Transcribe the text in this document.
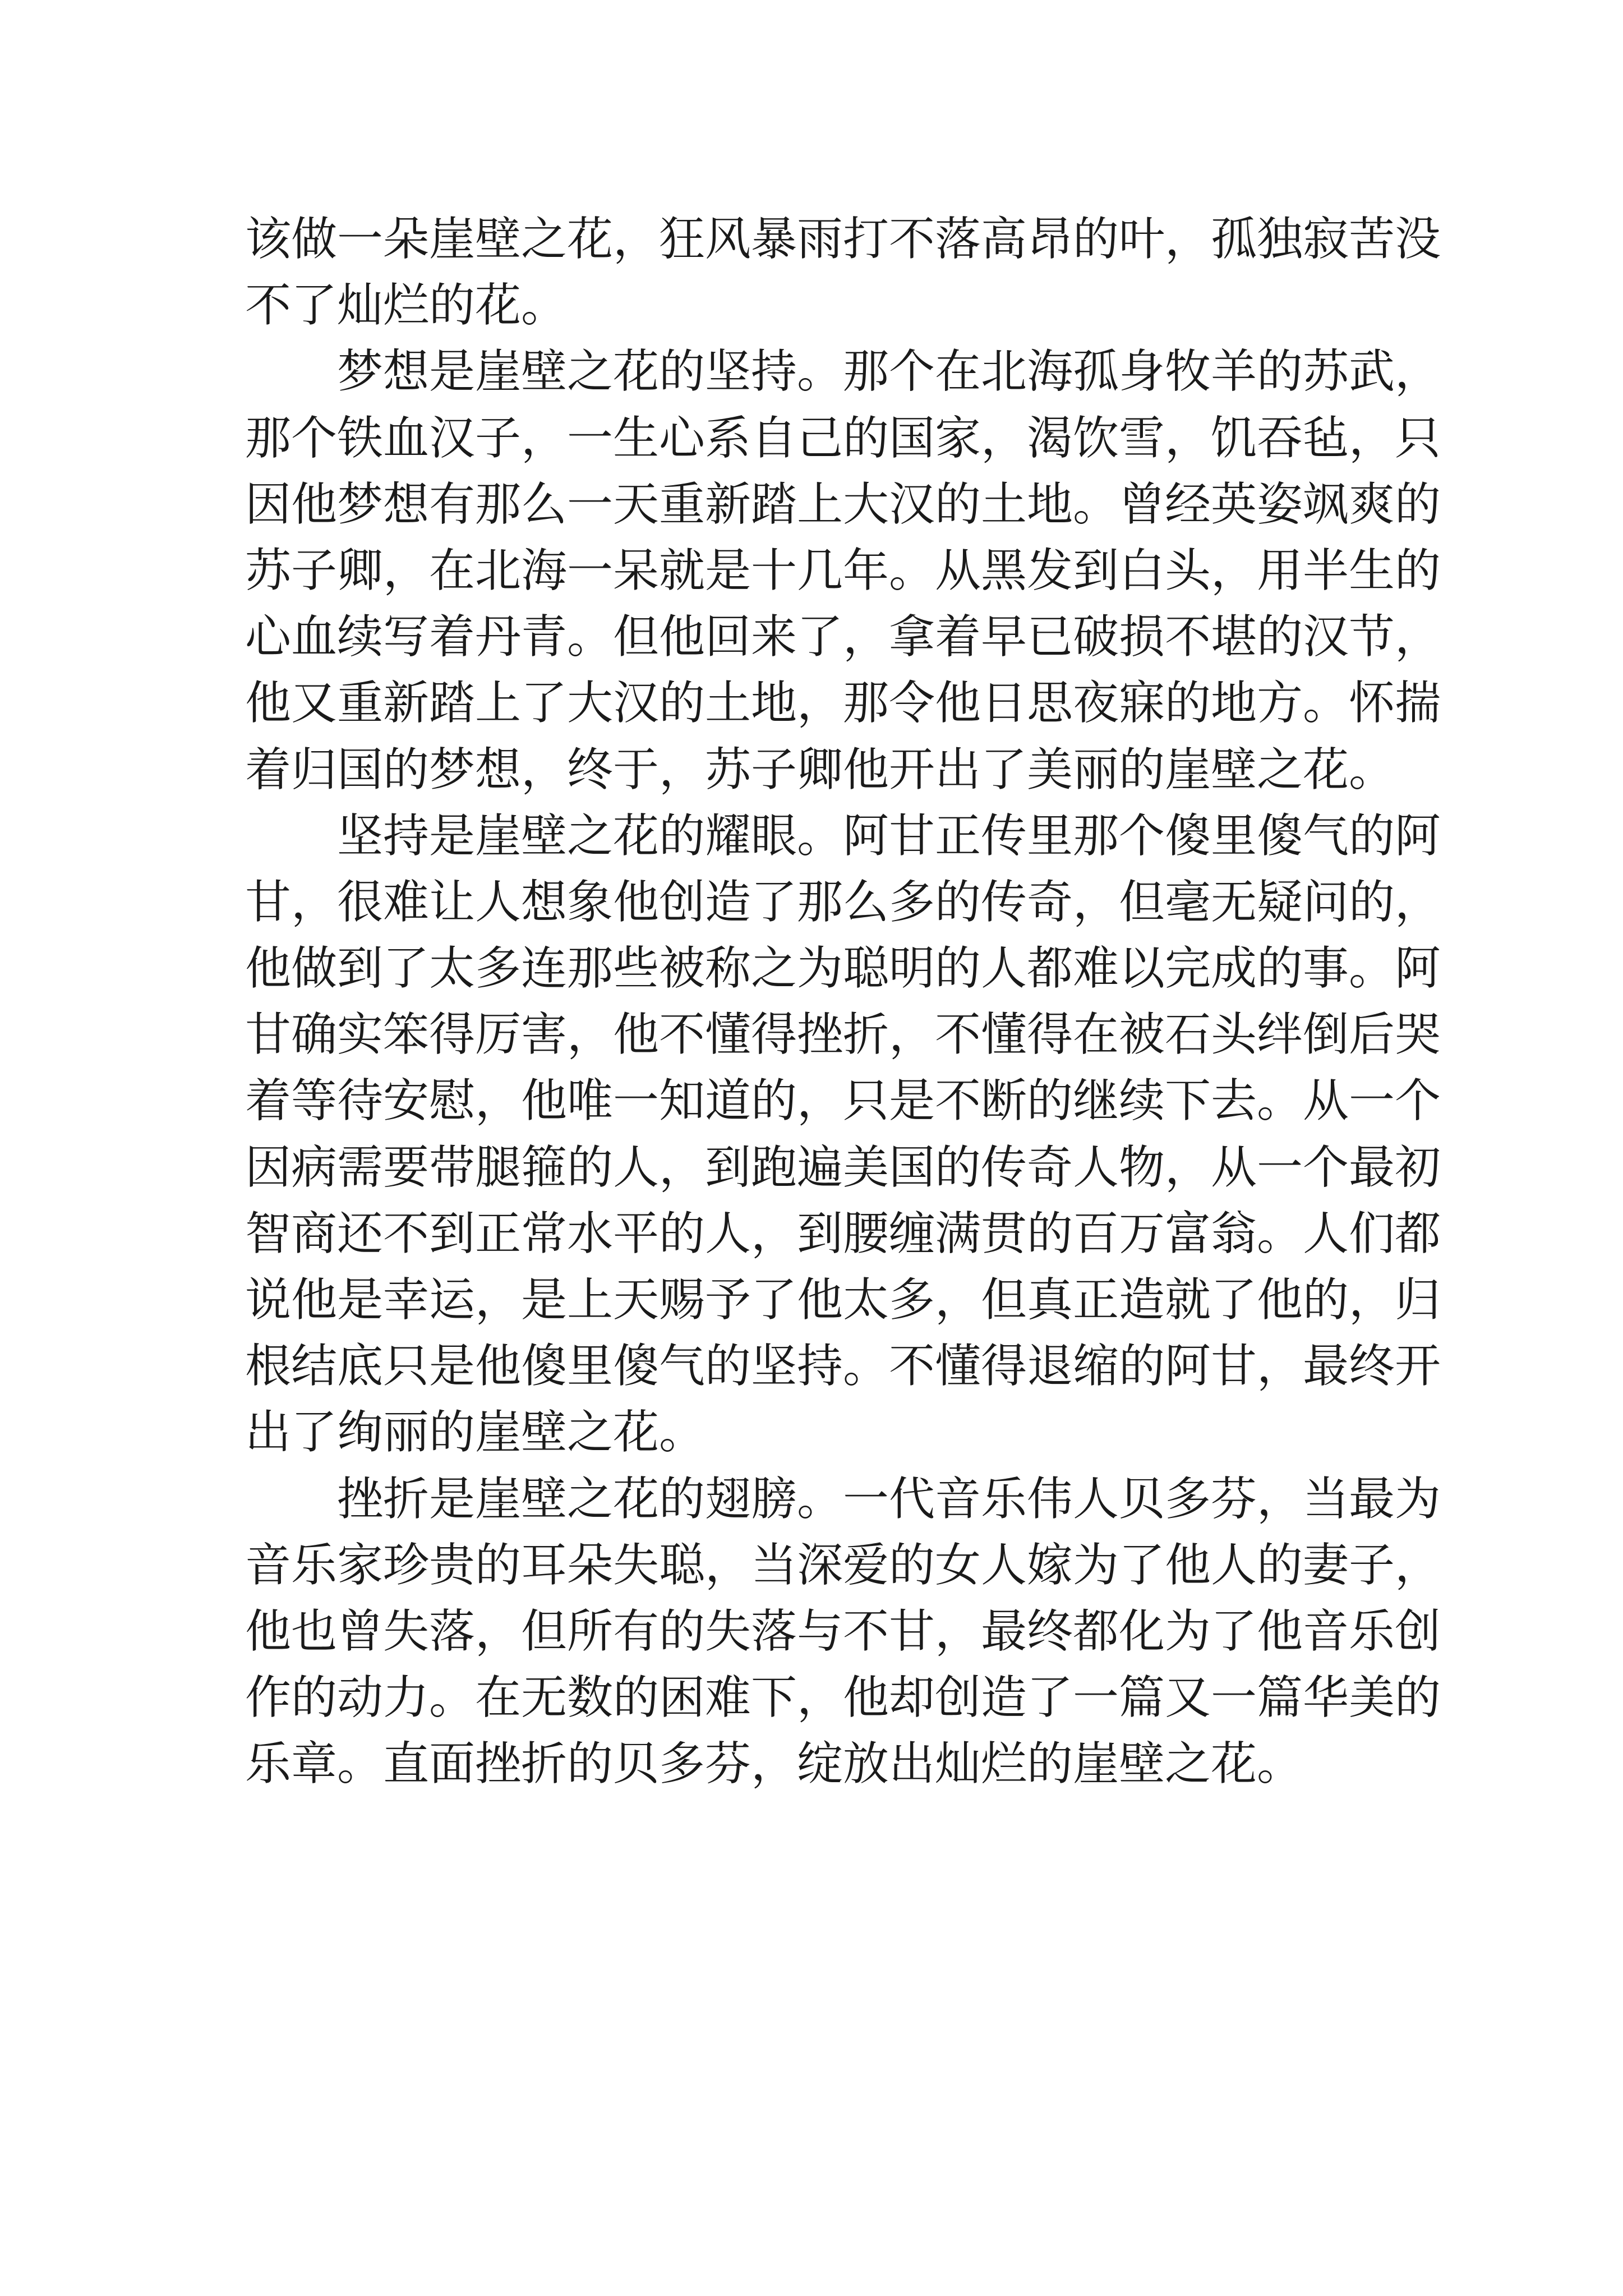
该做一朵崖壁之花，狂风暴雨打不落高昂的叶，孤独寂苦没
不了灿烂的花。
梦想是崖壁之花的坚持。那个在北海孤身牧羊的苏武，
那个铁血汉子，一生心系自己的国家，渴饮雪，饥吞毡，只
因他梦想有那么一天重新踏上大汉的土地。曾经英姿飒爽的
苏子卿，在北海一呆就是十几年。从黑发到白头，用半生的
心血续写着丹青。但他回来了，拿着早已破损不堪的汉节，
他又重新踏上了大汉的土地，那令他日思夜寐的地方。怀揣
着归国的梦想，终于，苏子卿他开出了美丽的崖壁之花。
坚持是崖壁之花的耀眼。阿甘正传里那个傻里傻气的阿
甘，很难让人想象他创造了那么多的传奇，但毫无疑问的，
他做到了太多连那些被称之为聪明的人都难以完成的事。阿
甘确实笨得厉害，他不懂得挫折，不懂得在被石头绊倒后哭
着等待安慰，他唯一知道的，只是不断的继续下去。从一个
因病需要带腿箍的人，到跑遍美国的传奇人物，从一个最初
智商还不到正常水平的人，到腰缠满贯的百万富翁。人们都
说他是幸运，是上天赐予了他太多，但真正造就了他的，归
根结底只是他傻里傻气的坚持。不懂得退缩的阿甘，最终开
出了绚丽的崖壁之花。
挫折是崖壁之花的翅膀。一代音乐伟人贝多芬，当最为
音乐家珍贵的耳朵失聪，当深爱的女人嫁为了他人的妻子，
他也曾失落，但所有的失落与不甘，最终都化为了他音乐创
作的动力。在无数的困难下，他却创造了一篇又一篇华美的
乐章。直面挫折的贝多芬，绽放出灿烂的崖壁之花。
